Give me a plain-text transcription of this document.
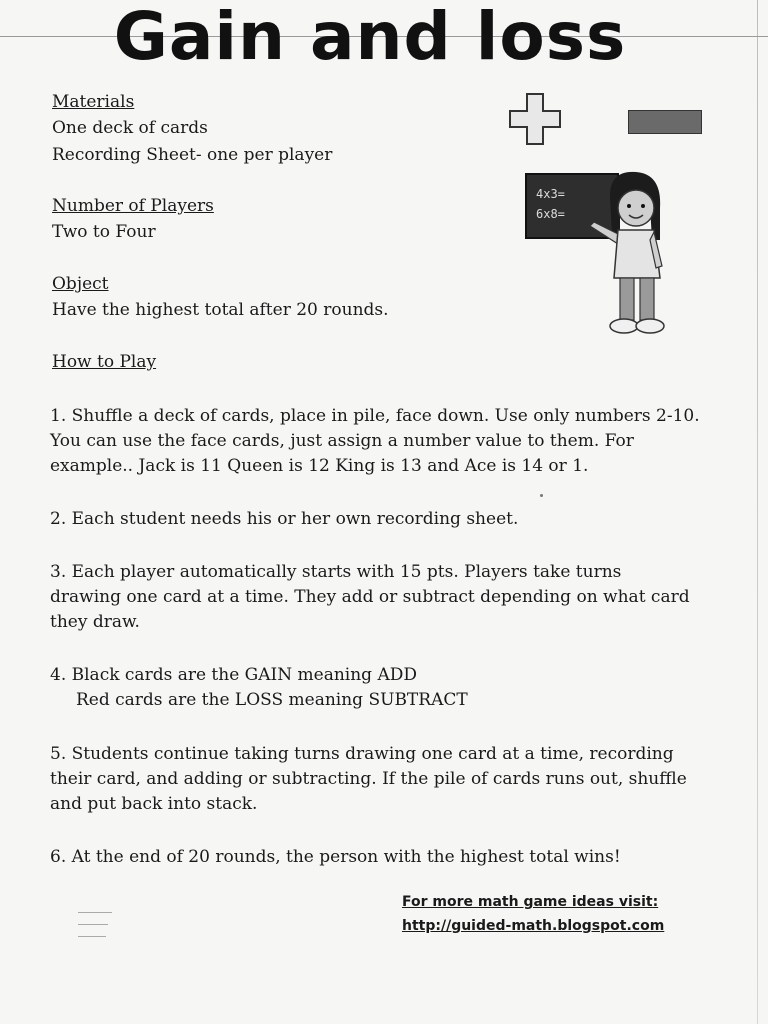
Gain and loss
4x3=
6x8=
Materials
One deck of cards
Recording Sheet- one per player
Number of Players
Two to Four
Object
Have the highest total after 20 rounds.
How to Play
1. Shuffle a deck of cards, place in pile, face down. Use only numbers 2-10.
You can use the face cards, just assign a number value to them. For
example.. Jack is 11 Queen is 12 King is 13 and Ace is 14 or 1.
2. Each student needs his or her own recording sheet.
3. Each player automatically starts with 15 pts. Players take turns
drawing one card at a time. They add or subtract depending on what card
they draw.
4. Black cards are the GAIN meaning ADD
Red cards are the LOSS meaning SUBTRACT
5. Students continue taking turns drawing one card at a time, recording
their card, and adding or subtracting. If the pile of cards runs out, shuffle
and put back into stack.
6. At the end of 20 rounds, the person with the highest total wins!
For more math game ideas visit:
http://guided-math.blogspot.com
